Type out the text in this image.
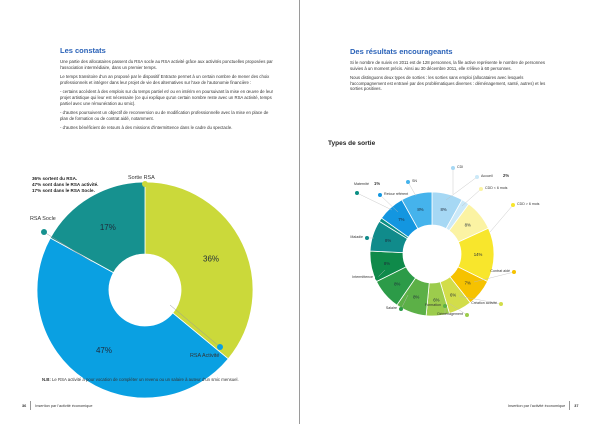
36%
47%
17%
8%
8%
14%
7%
6%
6%
8%
8%
8%
8%
7%
8%
Les constats

Une partie des allocataires passent du RSA socle au RSA activité grâce aux activités ponctuelles proposées par l'association intermédiaire, dans un premier temps.

Le temps transitoire d'un an proposé par le dispositif Entracte permet à un certain nombre de mener des choix professionnels et intégrer dans leur projet de vie des alternatives sur l'axe de l'autonomie financière :

- certains accèdent à des emplois sur du temps partiel et/ ou en intérim en poursuivant la mise en œuvre de leur projet artistique qui leur est nécessaire (ce qui explique qu'un certain nombre reste avec un RSA activité, temps partiel avec une rémunération au smic).

- d'autres poursuivent un objectif de reconversion ou de modification professionnelle avec la mise en place de plan de formation ou de contrat aidé, notamment.

- d'autres bénéficient de retours à des missions d'intermittence dans le cadre du spectacle.

36% sortent du RSA.
47% sont dans le RSA activité.
17% sont dans le RSA Socle.
N.B: Le RSA activité a pour vocation de compléter un revenu ou un salaire à auteur d'un smic mensuel.
36 Insertion par l'activité économique
Des résultats encourageants

Si le nombre de suivis en 2011 est de 128 personnes, la file active représente le nombre de personnes suivies à un moment précis. Ainsi au 30 décembre 2011, elle s'élève à 60 personnes.

Nous distinguons deux types de sorties : les sorties sans emploi (allocataires avec lesquels l'accompagnement est entravé par des problématiques diverses : déménagement, santé, autres) et les sorties positives.

Types de sortie
Insertion par l'activité économique 37
Sortie RSA
RSA Activité
RSA Socle
CDI
Accueil 2%
CDD < 6 mois
CDD > 6 mois
Contrat aidé
Création activité
Déménagement
Formation
Salaire
Intermittence
Maladie
Maternité 1%
Retour référent
SN
